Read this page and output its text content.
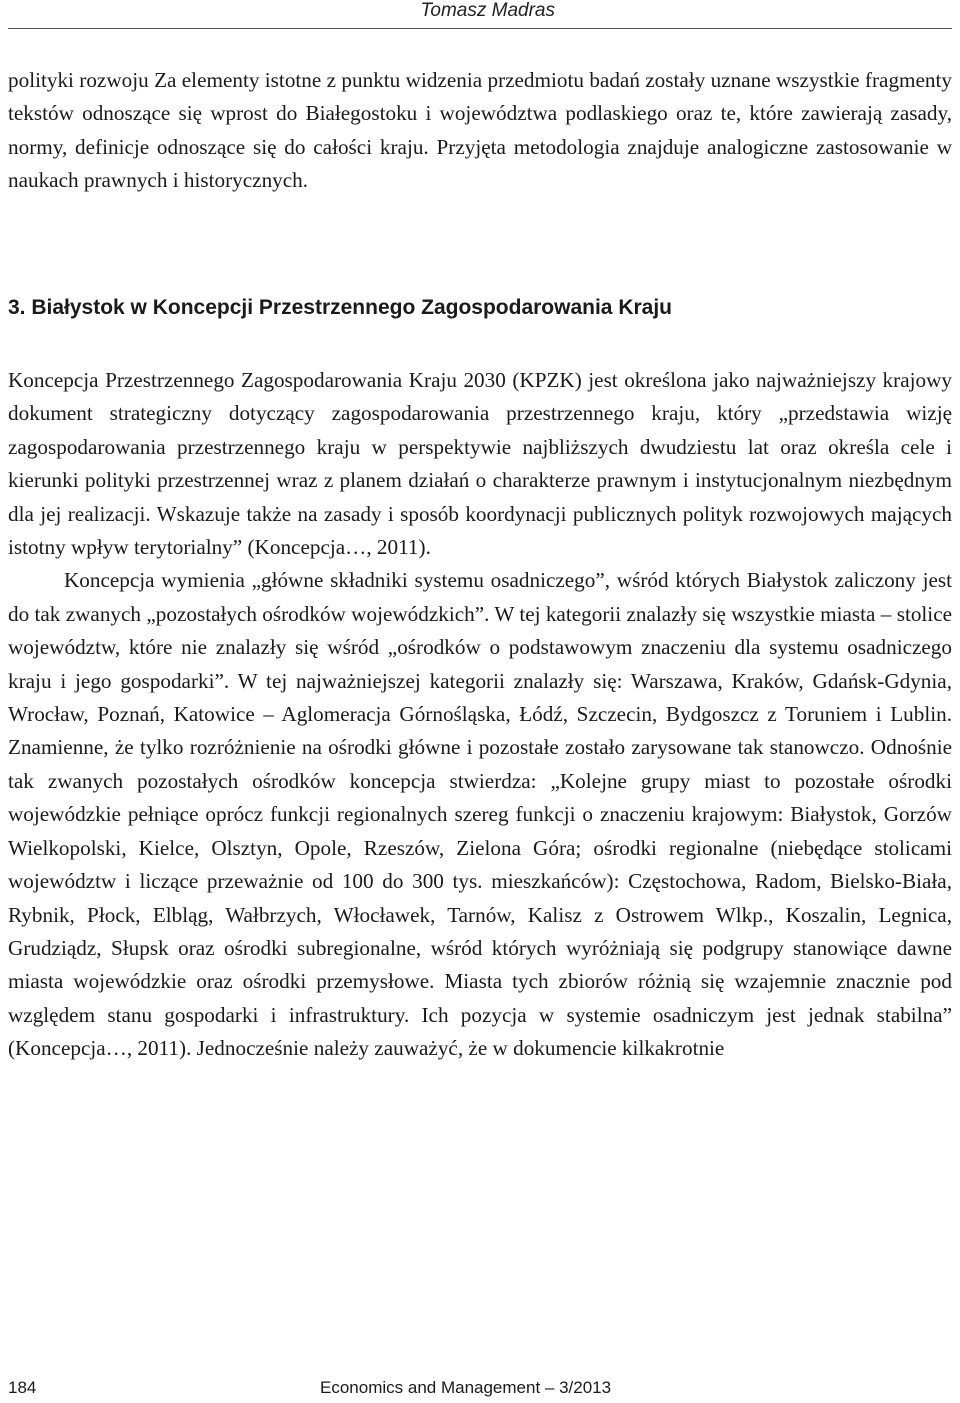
Tomasz Madras
polityki rozwoju Za elementy istotne z punktu widzenia przedmiotu badań zostały uznane wszystkie fragmenty tekstów odnoszące się wprost do Białegostoku i województwa podlaskiego oraz te, które zawierają zasady, normy, definicje odnoszące się do całości kraju. Przyjęta metodologia znajduje analogiczne zastosowanie w naukach prawnych i historycznych.
3. Białystok w Koncepcji Przestrzennego Zagospodarowania Kraju

Koncepcja Przestrzennego Zagospodarowania Kraju 2030 (KPZK) jest określona jako najważniejszy krajowy dokument strategiczny dotyczący zagospodarowania przestrzennego kraju, który „przedstawia wizję zagospodarowania przestrzennego kraju w perspektywie najbliższych dwudziestu lat oraz określa cele i kierunki polityki przestrzennej wraz z planem działań o charakterze prawnym i instytucjonalnym niezbędnym dla jej realizacji. Wskazuje także na zasady i sposób koordynacji publicznych polityk rozwojowych mających istotny wpływ terytorialny” (Koncepcja…, 2011).

Koncepcja wymienia „główne składniki systemu osadniczego”, wśród których Białystok zaliczony jest do tak zwanych „pozostałych ośrodków wojewódzkich”. W tej kategorii znalazły się wszystkie miasta – stolice województw, które nie znalazły się wśród „ośrodków o podstawowym znaczeniu dla systemu osadniczego kraju i jego gospodarki”. W tej najważniejszej kategorii znalazły się: Warszawa, Kraków, Gdańsk-Gdynia, Wrocław, Poznań, Katowice – Aglomeracja Górnośląska, Łódź, Szczecin, Bydgoszcz z Toruniem i Lublin. Znamienne, że tylko rozróżnienie na ośrodki główne i pozostałe zostało zarysowane tak stanowczo. Odnośnie tak zwanych pozostałych ośrodków koncepcja stwierdza: „Kolejne grupy miast to pozostałe ośrodki wojewódzkie pełniące oprócz funkcji regionalnych szereg funkcji o znaczeniu krajowym: Białystok, Gorzów Wielkopolski, Kielce, Olsztyn, Opole, Rzeszów, Zielona Góra; ośrodki regionalne (niebędące stolicami województw i liczące przeważnie od 100 do 300 tys. mieszkańców): Częstochowa, Radom, Bielsko-Biała, Rybnik, Płock, Elbląg, Wałbrzych, Włocławek, Tarnów, Kalisz z Ostrowem Wlkp., Koszalin, Legnica, Grudziądz, Słupsk oraz ośrodki subregionalne, wśród których wyróżniają się podgrupy stanowiące dawne miasta wojewódzkie oraz ośrodki przemysłowe. Miasta tych zbiorów różnią się wzajemnie znacznie pod względem stanu gospodarki i infrastruktury. Ich pozycja w systemie osadniczym jest jednak stabilna” (Koncepcja…, 2011). Jednocześnie należy zauważyć, że w dokumencie kilkakrotnie

184	Economics and Management – 3/2013
